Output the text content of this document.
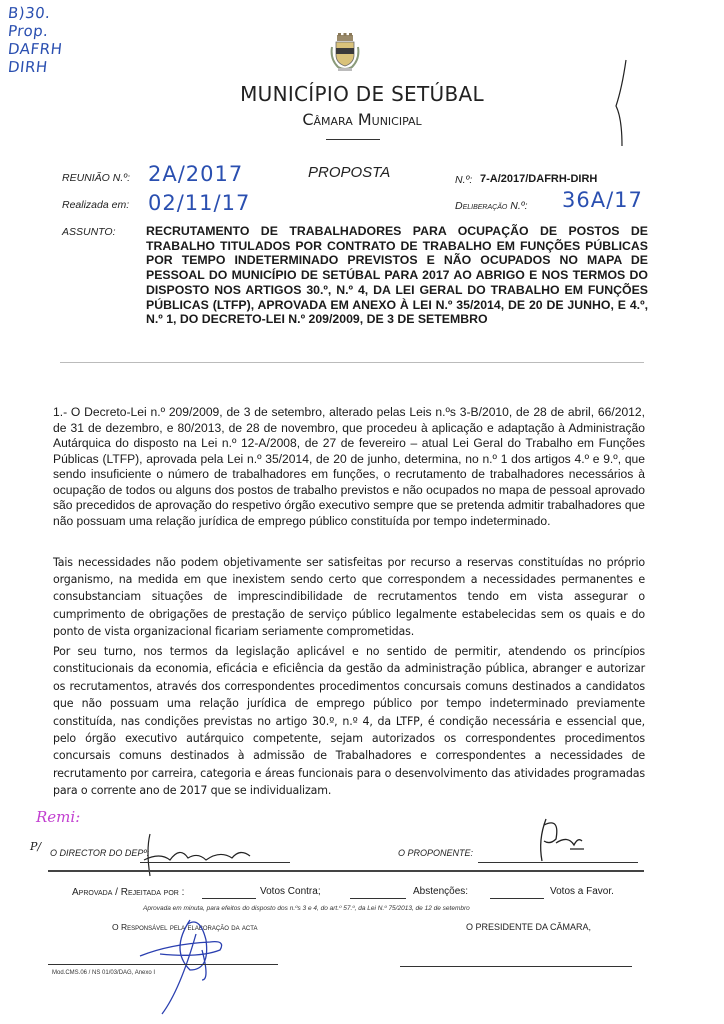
B)30.
Prop.
DAFRH
DIRH
MUNICÍPIO DE SETÚBAL
Câmara Municipal
REUNIÃO N.º: 2A/2017	PROPOSTA	N.º: 7-A/2017/DAFRH-DIRH
Realizada em: 02/11/17	Deliberação N.º: 36A/17
ASSUNTO: RECRUTAMENTO DE TRABALHADORES PARA OCUPAÇÃO DE POSTOS DE TRABALHO TITULADOS POR CONTRATO DE TRABALHO EM FUNÇÕES PÚBLICAS POR TEMPO INDETERMINADO PREVISTOS E NÃO OCUPADOS NO MAPA DE PESSOAL DO MUNICÍPIO DE SETÚBAL PARA 2017 AO ABRIGO E NOS TERMOS DO DISPOSTO NOS ARTIGOS 30.º, N.º 4, DA LEI GERAL DO TRABALHO EM FUNÇÕES PÚBLICAS (LTFP), APROVADA EM ANEXO À LEI N.º 35/2014, DE 20 DE JUNHO, E 4.º, N.º 1, DO DECRETO-LEI N.º 209/2009, DE 3 DE SETEMBRO
1.- O Decreto-Lei n.º 209/2009, de 3 de setembro, alterado pelas Leis n.ºs 3-B/2010, de 28 de abril, 66/2012, de 31 de dezembro, e 80/2013, de 28 de novembro, que procedeu à aplicação e adaptação à Administração Autárquica do disposto na Lei n.º 12-A/2008, de 27 de fevereiro – atual Lei Geral do Trabalho em Funções Públicas (LTFP), aprovada pela Lei n.º 35/2014, de 20 de junho, determina, no n.º 1 dos artigos 4.º e 9.º, que sendo insuficiente o número de trabalhadores em funções, o recrutamento de trabalhadores necessários à ocupação de todos ou alguns dos postos de trabalho previstos e não ocupados no mapa de pessoal aprovado são precedidos de aprovação do respetivo órgão executivo sempre que se pretenda admitir trabalhadores que não possuam uma relação jurídica de emprego público constituída por tempo indeterminado.
Tais necessidades não podem objetivamente ser satisfeitas por recurso a reservas constituídas no próprio organismo, na medida em que inexistem sendo certo que correspondem a necessidades permanentes e consubstanciam situações de imprescindibilidade de recrutamentos tendo em vista assegurar o cumprimento de obrigações de prestação de serviço público legalmente estabelecidas sem os quais e do ponto de vista organizacional ficariam seriamente comprometidas.
Por seu turno, nos termos da legislação aplicável e no sentido de permitir, atendendo os princípios constitucionais da economia, eficácia e eficiência da gestão da administração pública, abranger e autorizar os recrutamentos, através dos correspondentes procedimentos concursais comuns destinados a candidatos que não possuam uma relação jurídica de emprego público por tempo indeterminado previamente constituída, nas condições previstas no artigo 30.º, n.º 4, da LTFP, é condição necessária e essencial que, pelo órgão executivo autárquico competente, sejam autorizados os correspondentes procedimentos concursais comuns destinados à admissão de Trabalhadores e correspondentes a necessidades de recrutamento por carreira, categoria e áreas funcionais para o desenvolvimento das atividades programadas para o corrente ano de 2017 que se individualizam.
Remi:
P/ O DIRECTOR DO DEPº:	O PROPONENTE:
Aprovada / Rejeitada por :	Votos Contra;	Abstenções:	Votos a Favor.
Aprovada em minuta, para efeitos do disposto dos n.ºs 3 e 4, do art.º 57.º, da Lei N.º 75/2013, de 12 de setembro
O Responsável pela elaboração da acta	O PRESIDENTE DA CÂMARA,
Mod.CMS.06 / NS 01/03/DAG, Anexo I
